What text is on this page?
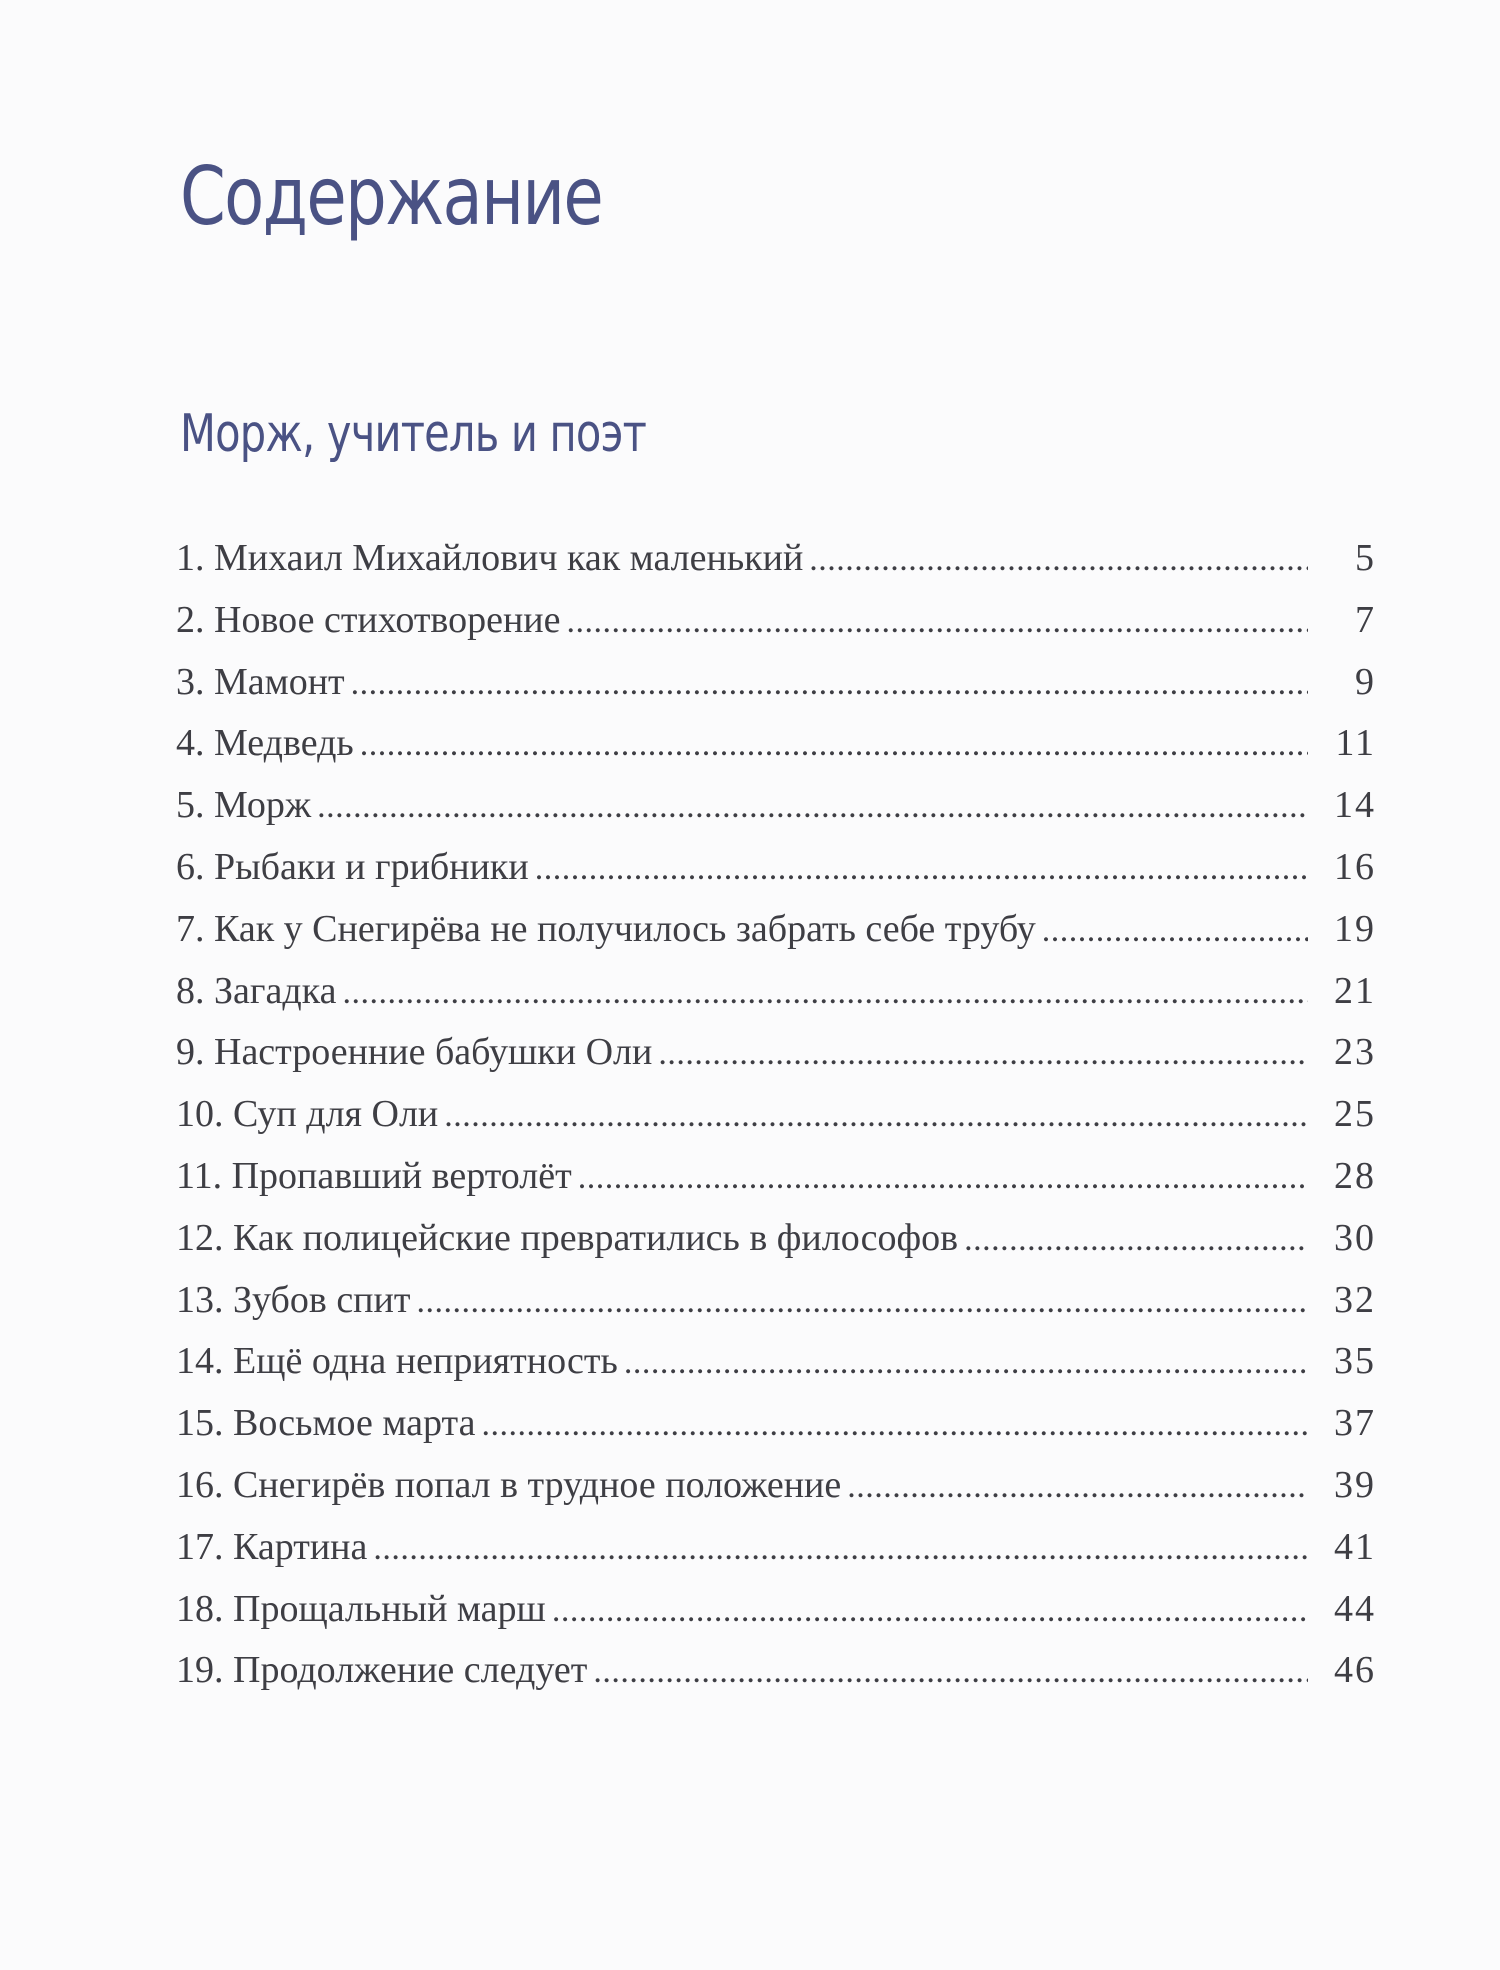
Содержание
Морж, учитель и поэт
1. Михаил Михайлович как маленький . . .	5
2. Новое стихотворение . . .	7
3. Мамонт . . .	9
4. Медведь . . .	11
5. Морж . . .	14
6. Рыбаки и грибники . . .	16
7. Как у Снегирёва не получилось забрать себе трубу . . .	19
8. Загадка . . .	21
9. Настроенние бабушки Оли . . .	23
10. Суп для Оли . . .	25
11. Пропавший вертолёт . . .	28
12. Как полицейские превратились в философов . . .	30
13. Зубов спит . . .	32
14. Ещё одна неприятность . . .	35
15. Восьмое марта . . .	37
16. Снегирёв попал в трудное положение . . .	39
17. Картина . . .	41
18. Прощальный марш . . .	44
19. Продолжение следует . . .	46
